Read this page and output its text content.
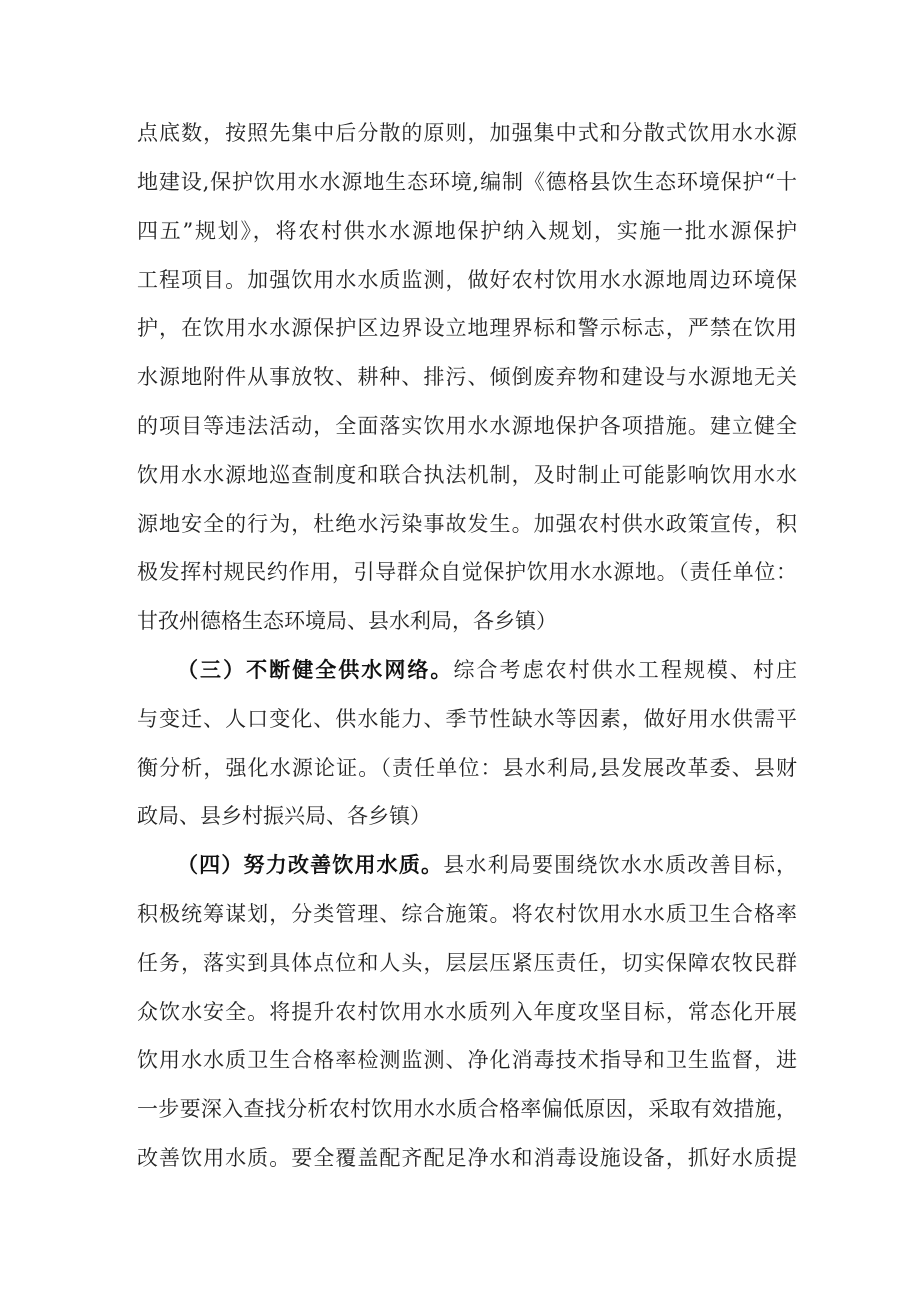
点底数，按照先集中后分散的原则，加强集中式和分散式饮用水水源
地建设,保护饮用水水源地生态环境,编制《德格县饮生态环境保护“十
四五”规划》，将农村供水水源地保护纳入规划，实施一批水源保护
工程项目。加强饮用水水质监测，做好农村饮用水水源地周边环境保
护，在饮用水水源保护区边界设立地理界标和警示标志，严禁在饮用
水源地附件从事放牧、耕种、排污、倾倒废弃物和建设与水源地无关
的项目等违法活动，全面落实饮用水水源地保护各项措施。建立健全
饮用水水源地巡查制度和联合执法机制，及时制止可能影响饮用水水
源地安全的行为，杜绝水污染事故发生。加强农村供水政策宣传，积
极发挥村规民约作用，引导群众自觉保护饮用水水源地。（责任单位：
甘孜州德格生态环境局、县水利局，各乡镇）
（三）不断健全供水网络。综合考虑农村供水工程规模、村庄
与变迁、人口变化、供水能力、季节性缺水等因素，做好用水供需平
衡分析，强化水源论证。（责任单位：县水利局,县发展改革委、县财
政局、县乡村振兴局、各乡镇）
（四）努力改善饮用水质。县水利局要围绕饮水水质改善目标，
积极统筹谋划，分类管理、综合施策。将农村饮用水水质卫生合格率
任务，落实到具体点位和人头，层层压紧压责任，切实保障农牧民群
众饮水安全。将提升农村饮用水水质列入年度攻坚目标，常态化开展
饮用水水质卫生合格率检测监测、净化消毒技术指导和卫生监督，进
一步要深入查找分析农村饮用水水质合格率偏低原因，采取有效措施，
改善饮用水质。要全覆盖配齐配足净水和消毒设施设备，抓好水质提
